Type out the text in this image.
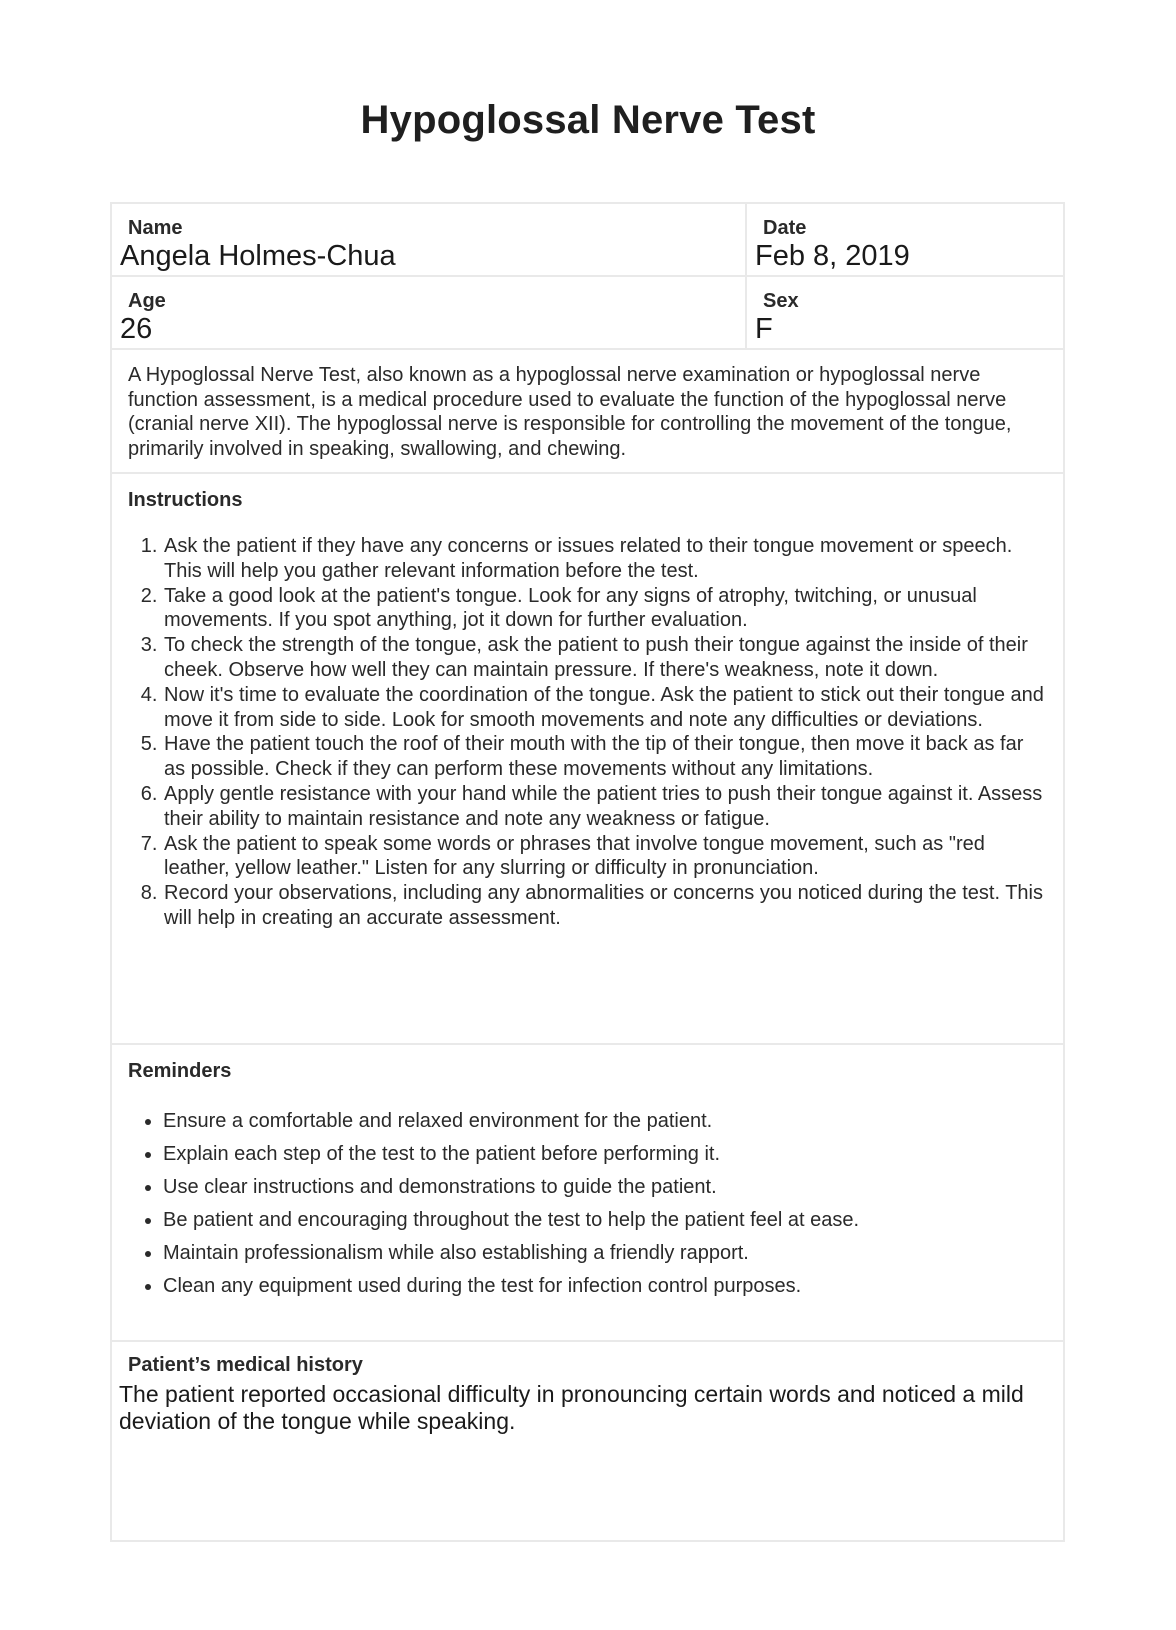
Hypoglossal Nerve Test
Name
Angela Holmes-Chua
Date
Feb 8, 2019
Age
26
Sex
F

A Hypoglossal Nerve Test, also known as a hypoglossal nerve examination or hypoglossal nerve function assessment, is a medical procedure used to evaluate the function of the hypoglossal nerve (cranial nerve XII). The hypoglossal nerve is responsible for controlling the movement of the tongue, primarily involved in speaking, swallowing, and chewing.

Instructions
1. Ask the patient if they have any concerns or issues related to their tongue movement or speech. This will help you gather relevant information before the test.
2. Take a good look at the patient's tongue. Look for any signs of atrophy, twitching, or unusual movements. If you spot anything, jot it down for further evaluation.
3. To check the strength of the tongue, ask the patient to push their tongue against the inside of their cheek. Observe how well they can maintain pressure. If there's weakness, note it down.
4. Now it's time to evaluate the coordination of the tongue. Ask the patient to stick out their tongue and move it from side to side. Look for smooth movements and note any difficulties or deviations.
5. Have the patient touch the roof of their mouth with the tip of their tongue, then move it back as far as possible. Check if they can perform these movements without any limitations.
6. Apply gentle resistance with your hand while the patient tries to push their tongue against it. Assess their ability to maintain resistance and note any weakness or fatigue.
7. Ask the patient to speak some words or phrases that involve tongue movement, such as "red leather, yellow leather." Listen for any slurring or difficulty in pronunciation.
8. Record your observations, including any abnormalities or concerns you noticed during the test. This will help in creating an accurate assessment.
Reminders
• Ensure a comfortable and relaxed environment for the patient.
• Explain each step of the test to the patient before performing it.
• Use clear instructions and demonstrations to guide the patient.
• Be patient and encouraging throughout the test to help the patient feel at ease.
• Maintain professionalism while also establishing a friendly rapport.
• Clean any equipment used during the test for infection control purposes.
Patient’s medical history

The patient reported occasional difficulty in pronouncing certain words and noticed a mild deviation of the tongue while speaking.
